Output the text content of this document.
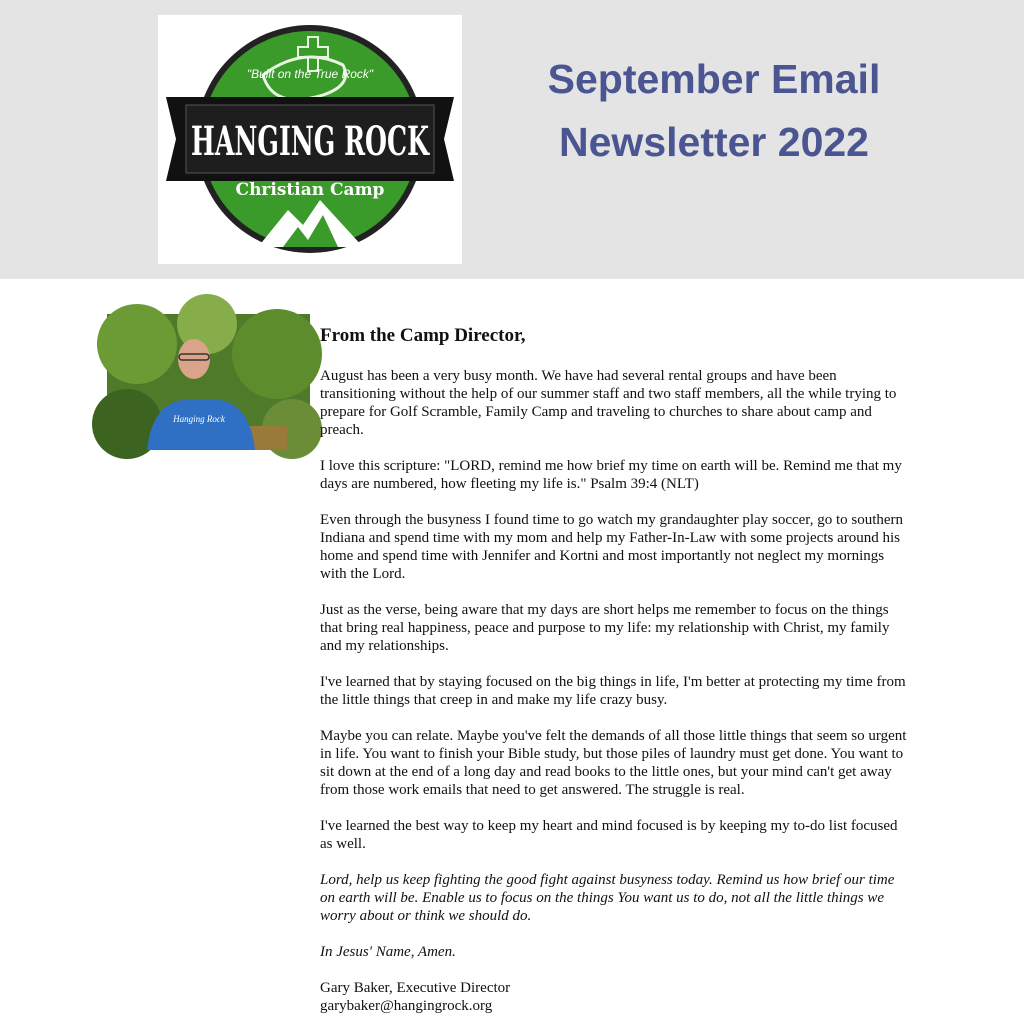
"Built on the True Rock"
HANGING ROCK
Christian Camp
September Email
Newsletter 2022
Hanging Rock
From the Camp Director,

August has been a very busy month. We have had several rental groups and have been transitioning without the help of our summer staff and two staff members, all the while trying to prepare for Golf Scramble, Family Camp and traveling to churches to share about camp and preach.

I love this scripture: "LORD, remind me how brief my time on earth will be. Remind me that my days are numbered, how fleeting my life is." Psalm 39:4 (NLT)

Even through the busyness I found time to go watch my grandaughter play soccer, go to southern Indiana and spend time with my mom and help my Father-In-Law with some projects around his home and spend time with Jennifer and Kortni and most importantly not neglect my mornings with the Lord.

Just as the verse, being aware that my days are short helps me remember to focus on the things that bring real happiness, peace and purpose to my life: my relationship with Christ, my family and my relationships.

I've learned that by staying focused on the big things in life, I'm better at protecting my time from the little things that creep in and make my life crazy busy.

Maybe you can relate. Maybe you've felt the demands of all those little things that seem so urgent in life. You want to finish your Bible study, but those piles of laundry must get done. You want to sit down at the end of a long day and read books to the little ones, but your mind can't get away from those work emails that need to get answered. The struggle is real.

I've learned the best way to keep my heart and mind focused is by keeping my to-do list focused as well.

Lord, help us keep fighting the good fight against busyness today. Remind us how brief our time on earth will be. Enable us to focus on the things You want us to do, not all the little things we worry about or think we should do.

In Jesus' Name, Amen.

Gary Baker, Executive Director
garybaker@hangingrock.org
